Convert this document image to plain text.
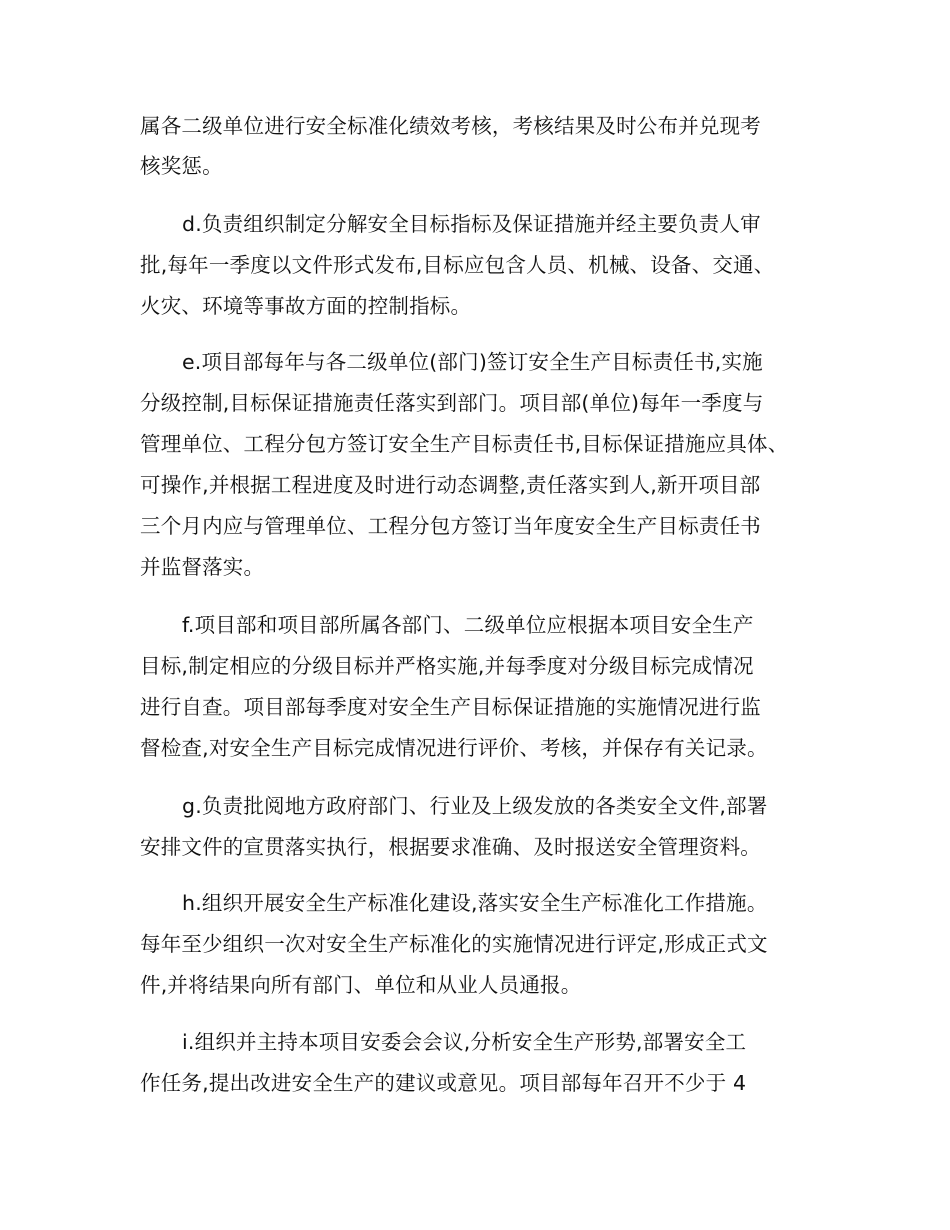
属各二级单位进行安全标准化绩效考核，考核结果及时公布并兑现考
核奖惩。
d.负责组织制定分解安全目标指标及保证措施并经主要负责人审
批,每年一季度以文件形式发布,目标应包含人员、机械、设备、交通、
火灾、环境等事故方面的控制指标。
e.项目部每年与各二级单位(部门)签订安全生产目标责任书,实施
分级控制,目标保证措施责任落实到部门。项目部(单位)每年一季度与
管理单位、工程分包方签订安全生产目标责任书,目标保证措施应具体、
可操作,并根据工程进度及时进行动态调整,责任落实到人,新开项目部
三个月内应与管理单位、工程分包方签订当年度安全生产目标责任书
并监督落实。
f.项目部和项目部所属各部门、二级单位应根据本项目安全生产
目标,制定相应的分级目标并严格实施,并每季度对分级目标完成情况
进行自查。项目部每季度对安全生产目标保证措施的实施情况进行监
督检查,对安全生产目标完成情况进行评价、考核，并保存有关记录。
g.负责批阅地方政府部门、行业及上级发放的各类安全文件,部署
安排文件的宣贯落实执行，根据要求准确、及时报送安全管理资料。
h.组织开展安全生产标准化建设,落实安全生产标准化工作措施。
每年至少组织一次对安全生产标准化的实施情况进行评定,形成正式文
件,并将结果向所有部门、单位和从业人员通报。
i.组织并主持本项目安委会会议,分析安全生产形势,部署安全工
作任务,提出改进安全生产的建议或意见。项目部每年召开不少于 4
